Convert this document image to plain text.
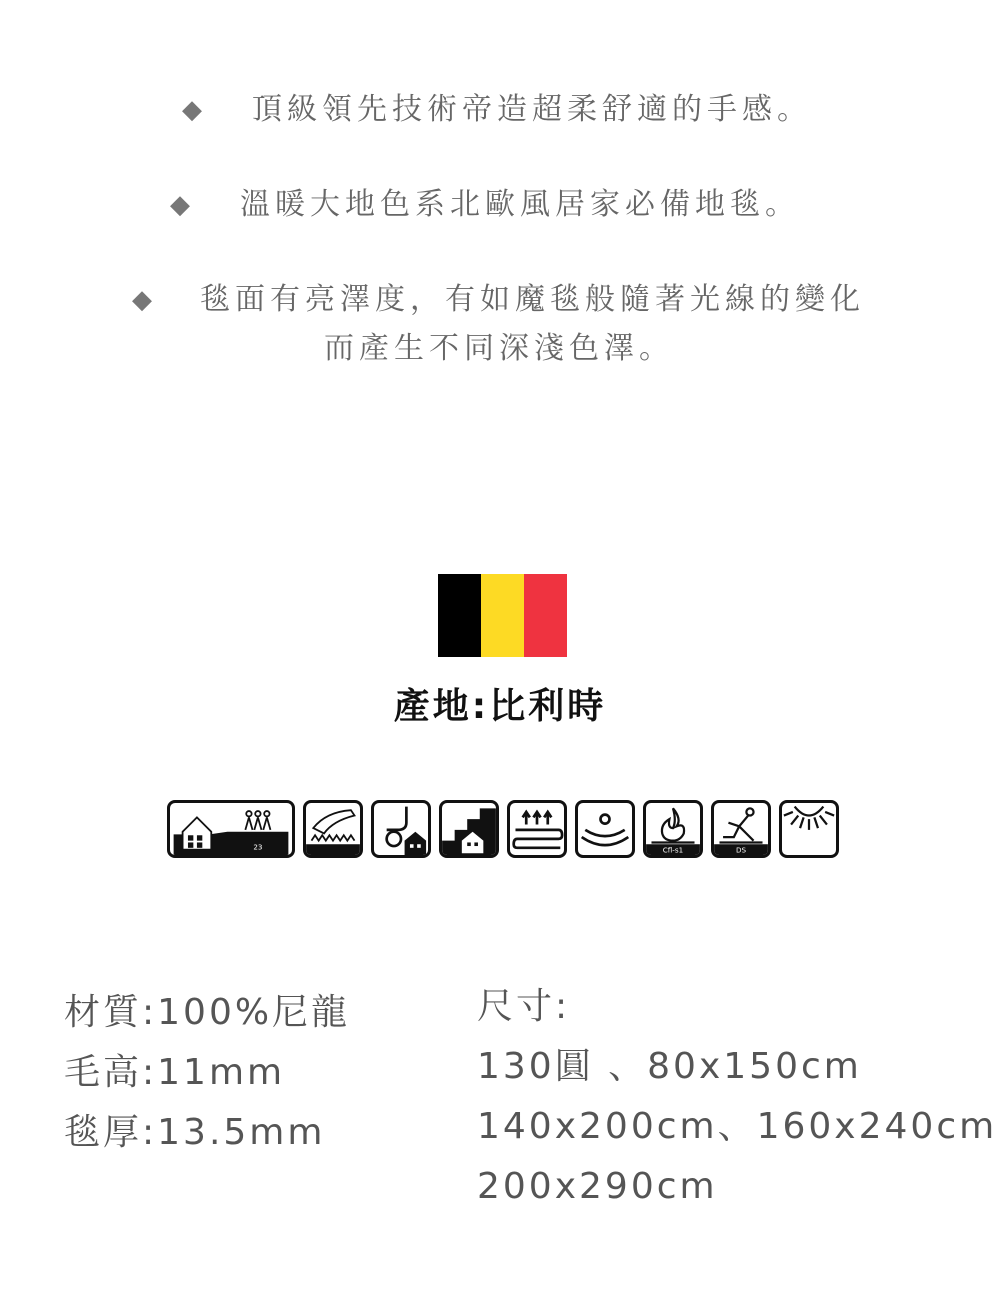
◆ 頂級領先技術帝造超柔舒適的手感。
◆ 溫暖大地色系北歐風居家必備地毯。
◆ 毯面有亮澤度，有如魔毯般隨著光線的變化
而產生不同深淺色澤。
產地:比利時
23	Cfl-s1	DS
材質:100%尼龍
毛高:11mm
毯厚:13.5mm
尺寸:
130圓 、80x150cm
140x200cm、160x240cm
200x290cm
